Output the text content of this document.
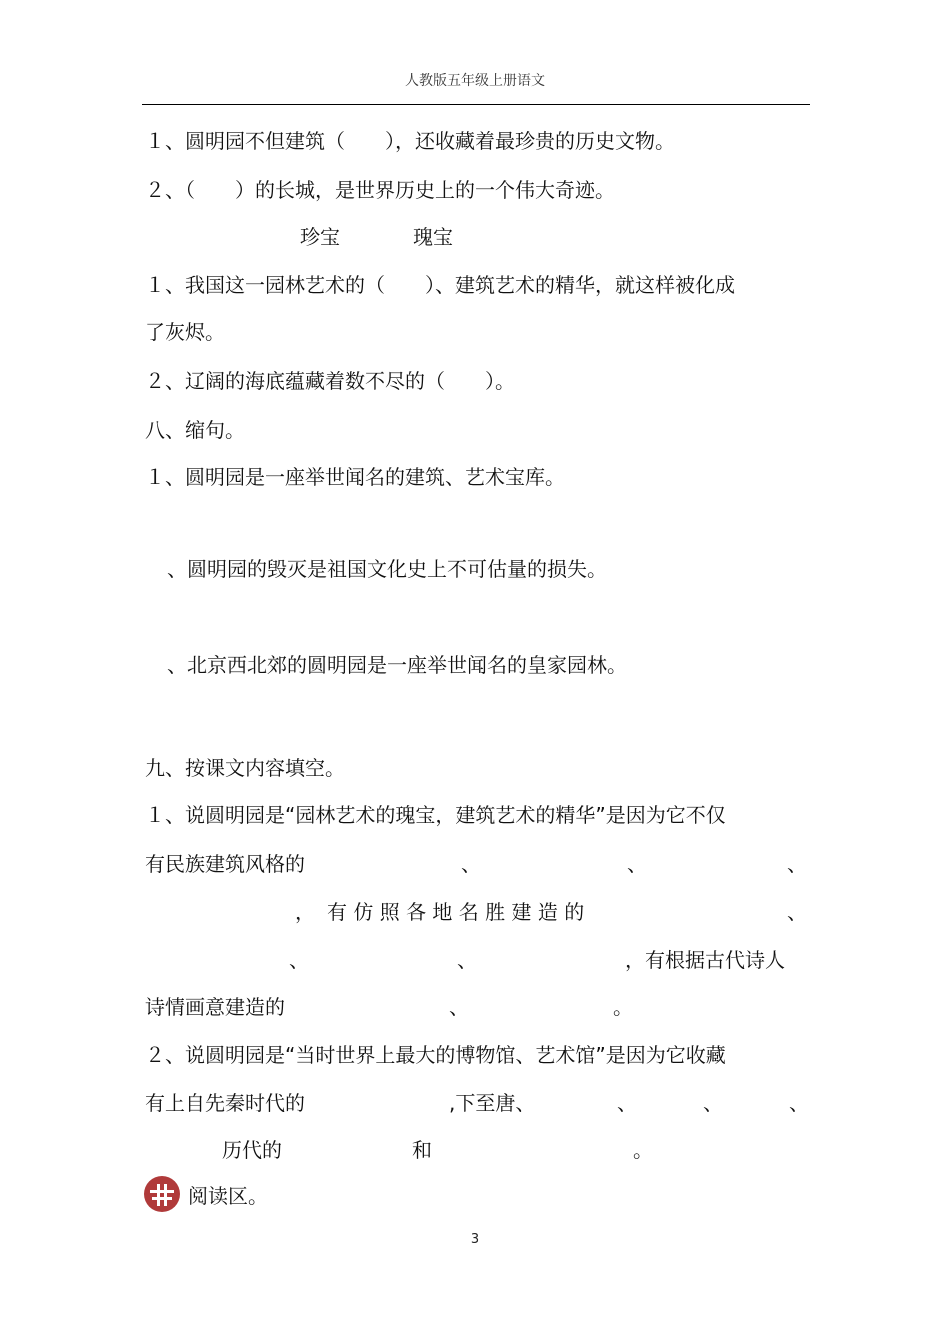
人教版五年级上册语文
１、圆明园不但建筑（　　），还收藏着最珍贵的历史文物。
２、（　　）的长城，是世界历史上的一个伟大奇迹。
珍宝	瑰宝
１、我国这一园林艺术的（　　）、建筑艺术的精华，就这样被化成
了灰烬。
２、辽阔的海底蕴藏着数不尽的（　　）。
八、缩句。
１、圆明园是一座举世闻名的建筑、艺术宝库。
、圆明园的毁灭是祖国文化史上不可估量的损失。
、北京西北郊的圆明园是一座举世闻名的皇家园林。
九、按课文内容填空。
１、说圆明园是“园林艺术的瑰宝，建筑艺术的精华”是因为它不仅
有民族建筑风格的	、	、	、
， 有 仿 照 各 地 名 胜 建 造 的	、
、	、	，有根据古代诗人
诗情画意建造的	、	。
２、说圆明园是“当时世界上最大的博物馆、艺术馆”是因为它收藏
有上自先秦时代的	,下至唐、	、	、	、
历代的	和	。
阅读区。
3
